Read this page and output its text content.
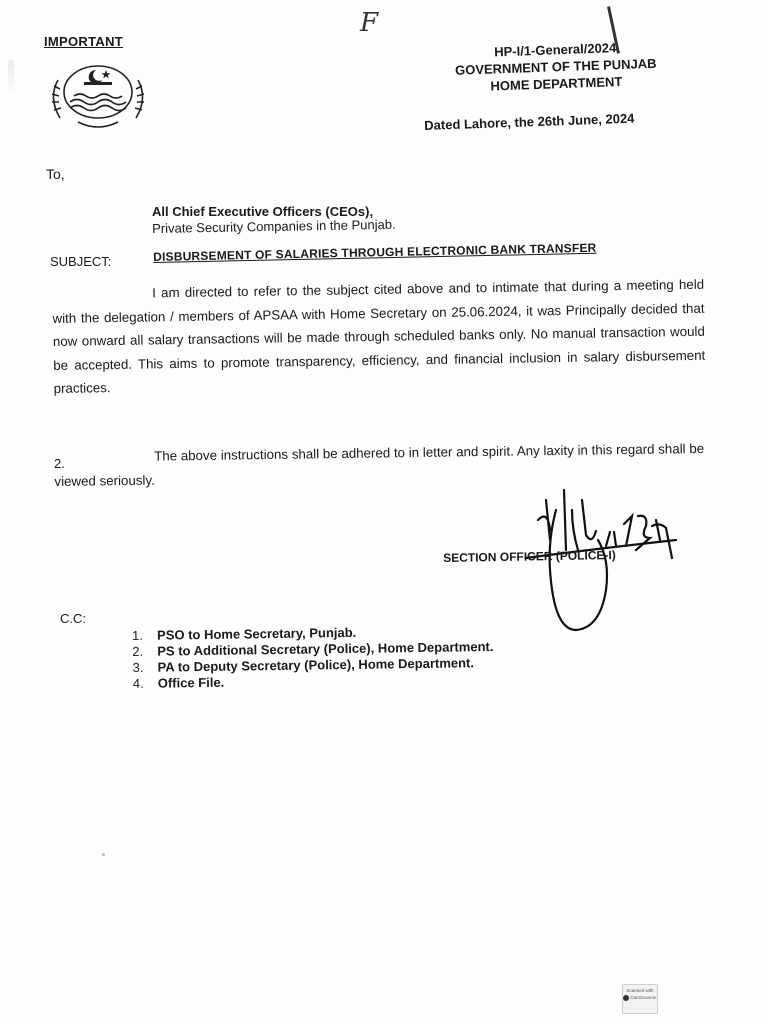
IMPORTANT
F
HP-I/1-General/2024
GOVERNMENT OF THE PUNJAB
HOME DEPARTMENT
Dated Lahore, the 26th June, 2024
To,
All Chief Executive Officers (CEOs),
Private Security Companies in the Punjab.
SUBJECT:	DISBURSEMENT OF SALARIES THROUGH ELECTRONIC BANK TRANSFER
I am directed to refer to the subject cited above and to intimate that during a meeting held with the delegation / members of APSAA with Home Secretary on 25.06.2024, it was Principally decided that now onward all salary transactions will be made through scheduled banks only. No manual transaction would be accepted. This aims to promote transparency, efficiency, and financial inclusion in salary disbursement practices.
The above instructions shall be adhered to in letter and spirit. Any laxity in this regard shall be viewed seriously.
2.
SECTION OFFICER (POLICE-I)
C.C:
1. PSO to Home Secretary, Punjab.
2. PS to Additional Secretary (Police), Home Department.
3. PA to Deputy Secretary (Police), Home Department.
4. Office File.
Scanned with
CamScanner
